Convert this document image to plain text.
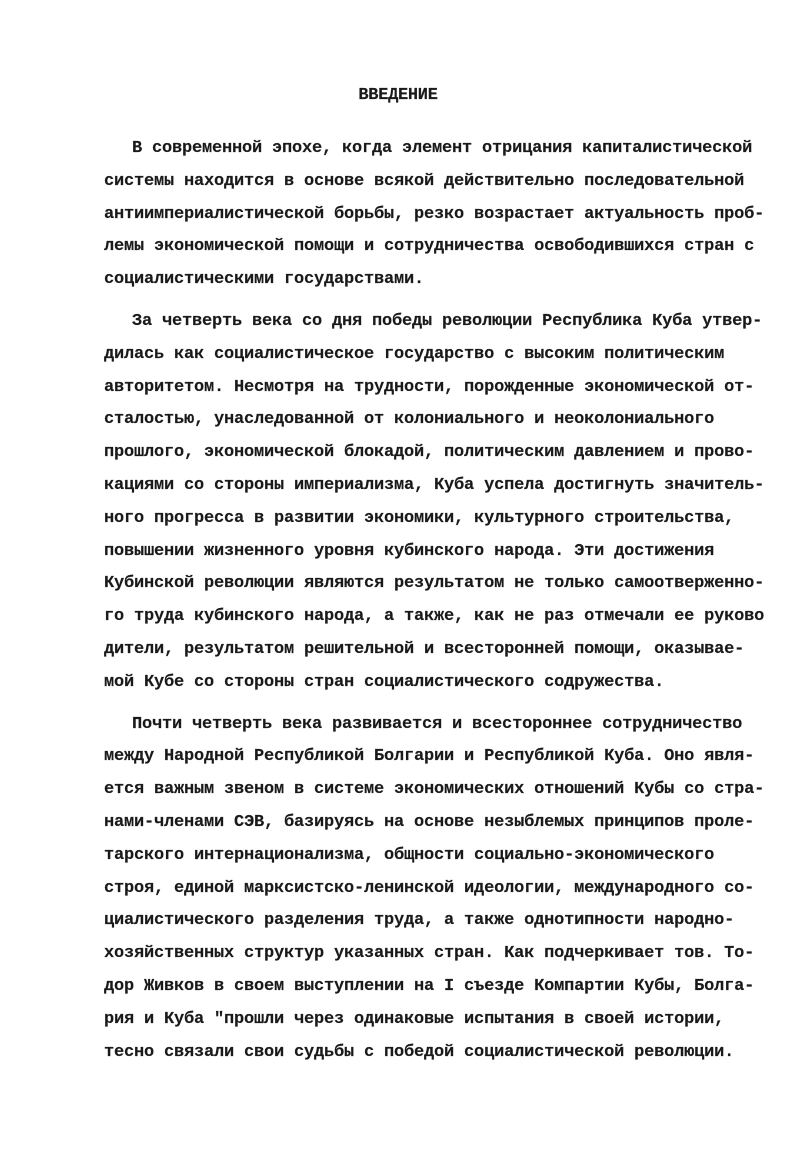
ВВЕДЕНИЕ
В современной эпохе, когда элемент отрицания капиталистической
системы находится в основе всякой действительно последовательной
антиимпериалистической борьбы, резко возрастает актуальность проб-
лемы экономической помощи и сотрудничества освободившихся стран с
социалистическими государствами.
За четверть века со дня победы революции Республика Куба утвер-
дилась как социалистическое государство с высоким политическим
авторитетом. Несмотря на трудности, порожденные экономической от-
сталостью, унаследованной от колониального и неоколониального
прошлого, экономической блокадой, политическим давлением и прово-
кациями со стороны империализма, Куба успела достигнуть значитель-
ного прогресса в развитии экономики, культурного строительства,
повышении жизненного уровня кубинского народа. Эти достижения
Кубинской революции являются результатом не только самоотверженно-
го труда кубинского народа, а также, как не раз отмечали ее руково
дители, результатом решительной и всесторонней помощи, оказывае-
мой Кубе со стороны стран социалистического содружества.
Почти четверть века развивается и всестороннее сотрудничество
между Народной Республикой Болгарии и Республикой Куба. Оно явля-
ется важным звеном в системе экономических отношений Кубы со стра-
нами-членами СЭВ, базируясь на основе незыблемых принципов проле-
тарского интернационализма, общности социально-экономического
строя, единой марксистско-ленинской идеологии, международного со-
циалистического разделения труда, а также однотипности народно-
хозяйственных структур указанных стран. Как подчеркивает тов. То-
дор Живков в своем выступлении на I съезде Компартии Кубы, Болга-
рия и Куба "прошли через одинаковые испытания в своей истории,
тесно связали свои судьбы с победой социалистической революции.
